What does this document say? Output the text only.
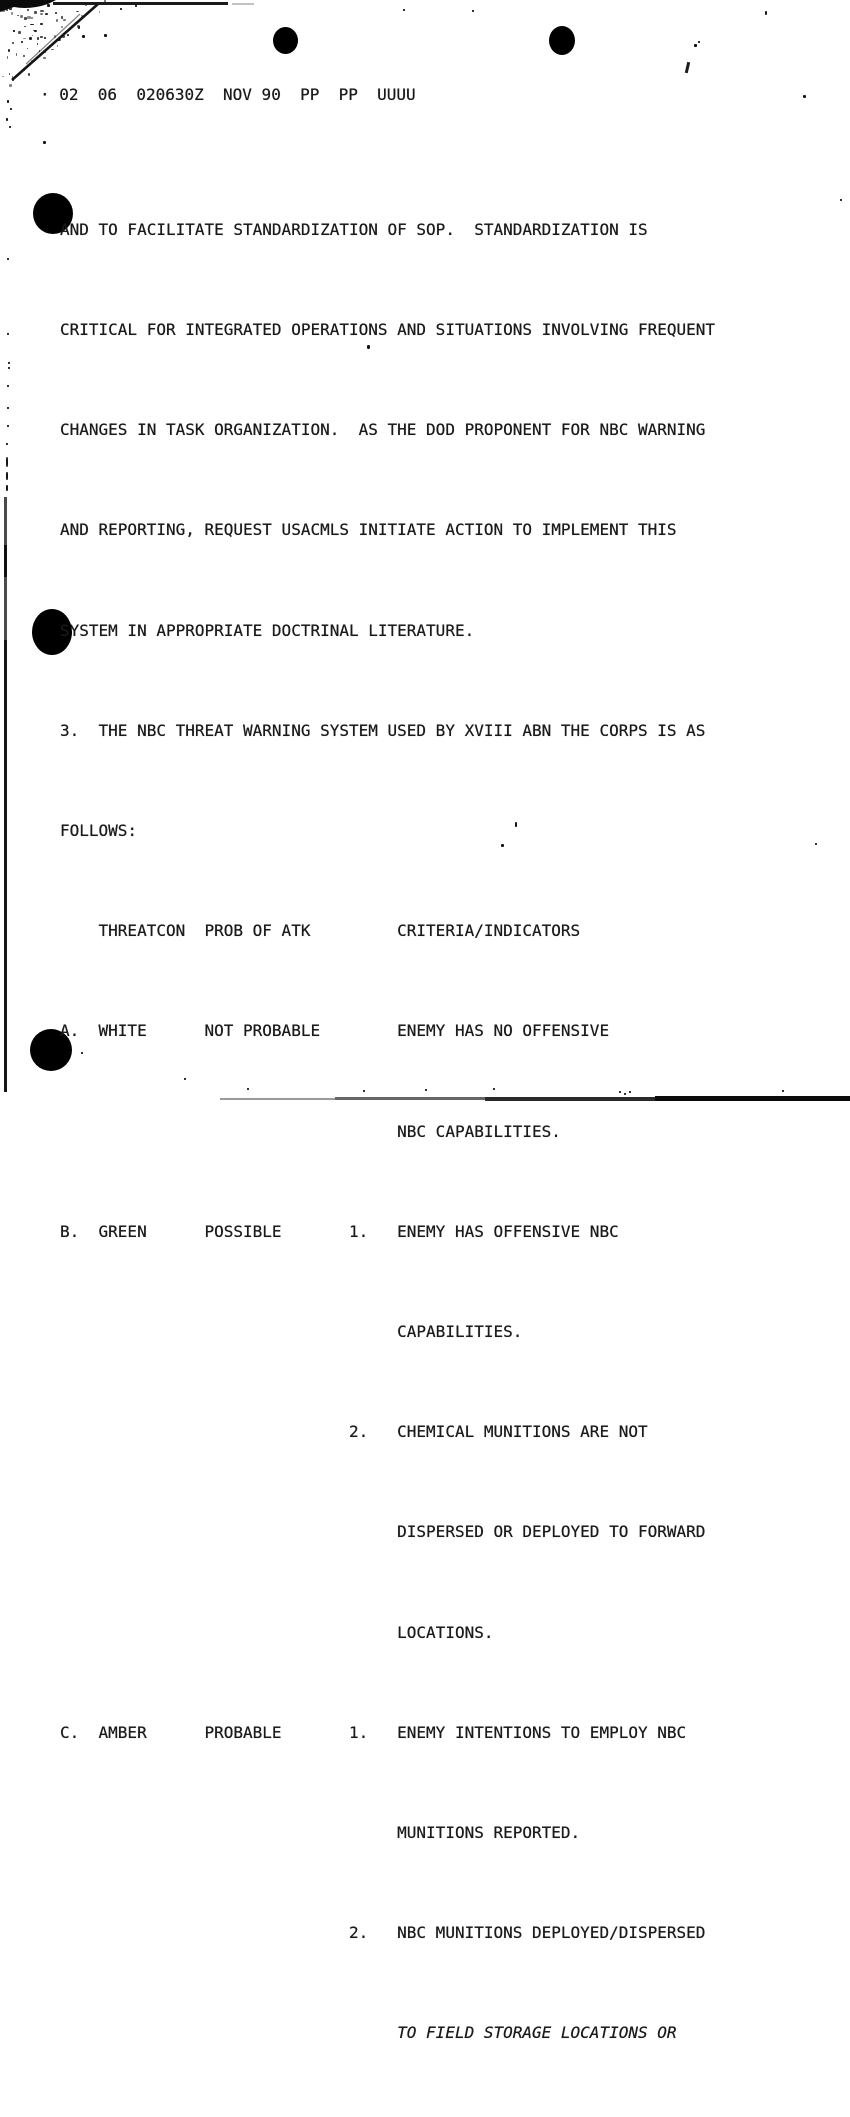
· 02  06  020630Z  NOV 90  PP  PP  UUUU

AND TO FACILITATE STANDARDIZATION OF SOP.  STANDARDIZATION IS

CRITICAL FOR INTEGRATED OPERATIONS AND SITUATIONS INVOLVING FREQUENT

CHANGES IN TASK ORGANIZATION.  AS THE DOD PROPONENT FOR NBC WARNING

AND REPORTING, REQUEST USACMLS INITIATE ACTION TO IMPLEMENT THIS

SYSTEM IN APPROPRIATE DOCTRINAL LITERATURE.

3.  THE NBC THREAT WARNING SYSTEM USED BY XVIII ABN THE CORPS IS AS

FOLLOWS:

THREATCON  PROB OF ATK         CRITERIA/INDICATORS

A.  WHITE      NOT PROBABLE        ENEMY HAS NO OFFENSIVE

NBC CAPABILITIES.

B.  GREEN      POSSIBLE       1.   ENEMY HAS OFFENSIVE NBC

CAPABILITIES.

2.   CHEMICAL MUNITIONS ARE NOT

DISPERSED OR DEPLOYED TO FORWARD

LOCATIONS.

C.  AMBER      PROBABLE       1.   ENEMY INTENTIONS TO EMPLOY NBC

MUNITIONS REPORTED.

2.   NBC MUNITIONS DEPLOYED/DISPERSED

TO FIELD STORAGE LOCATIONS OR
